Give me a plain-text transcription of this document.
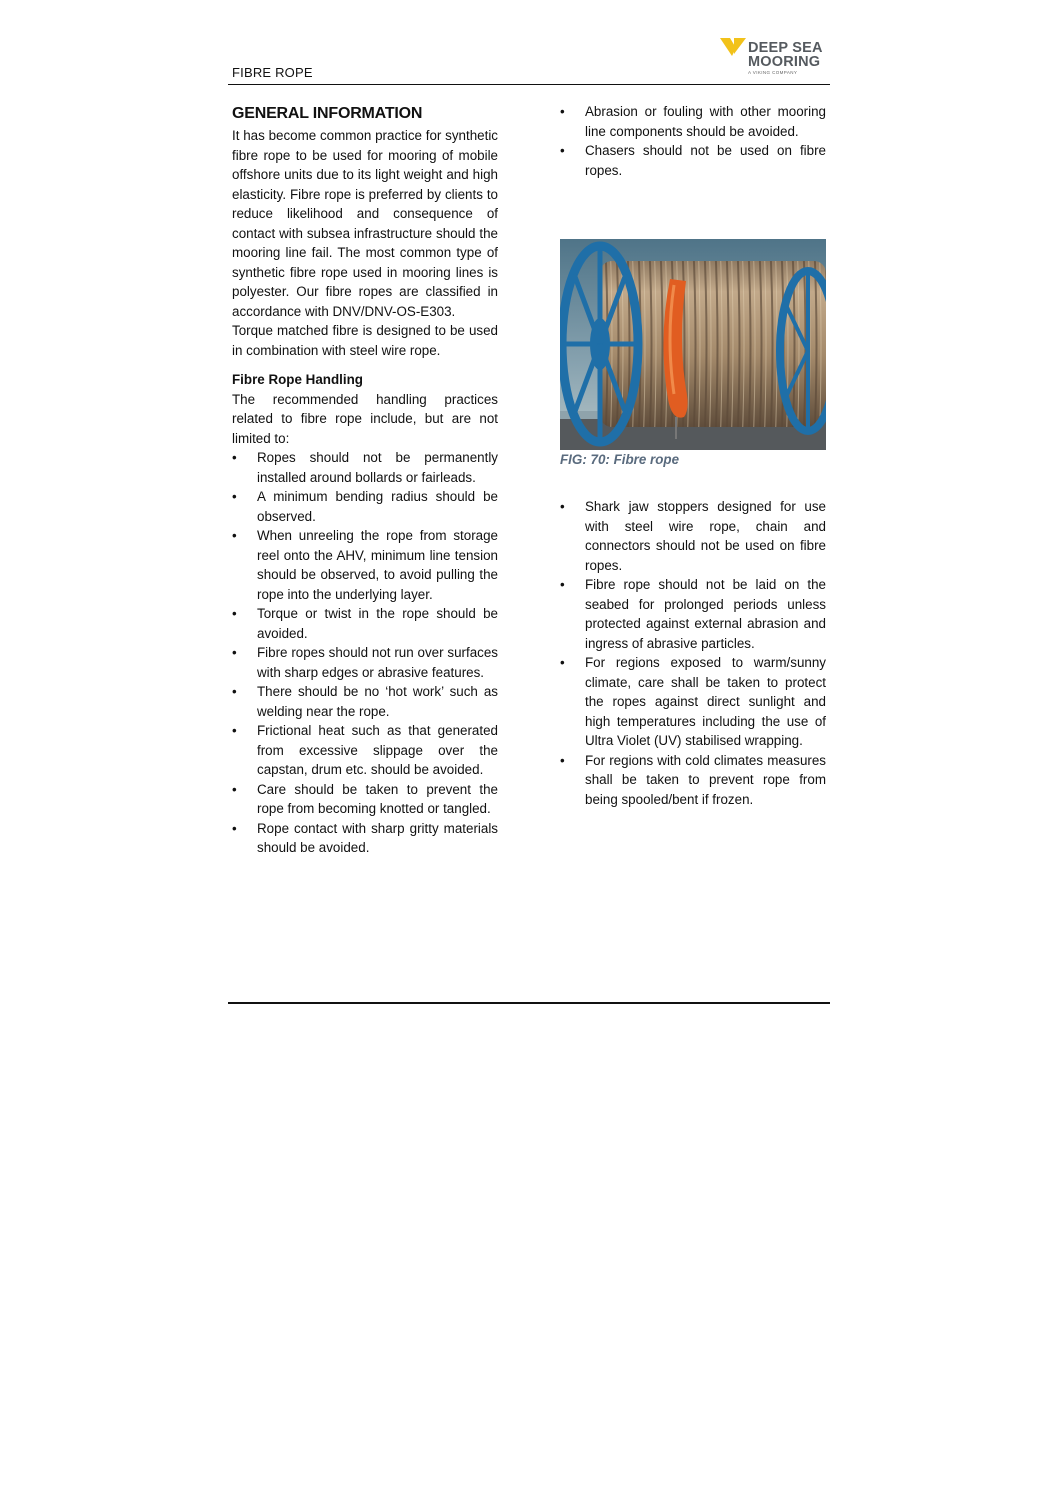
FIBRE ROPE
DEEP SEA
MOORING
A VIKING COMPANY
GENERAL INFORMATION

It has become common practice for synthetic fibre rope to be used for mooring of mobile offshore units due to its light weight and high elasticity. Fibre rope is preferred by clients to reduce likelihood and consequence of contact with subsea infrastructure should the mooring line fail. The most common type of synthetic fibre rope used in mooring lines is polyester. Our fibre ropes are classified in accordance with DNV/DNV-OS-E303.

Torque matched fibre is designed to be used in combination with steel wire rope.

Fibre Rope Handling

The recommended handling practices related to fibre rope include, but are not limited to:

•	Ropes should not be permanently installed around bollards or fairleads.
•	A minimum bending radius should be observed.
•	When unreeling the rope from storage reel onto the AHV, minimum line tension should be observed, to avoid pulling the rope into the underlying layer.
•	Torque or twist in the rope should be avoided.
•	Fibre ropes should not run over surfaces with sharp edges or abrasive features.
•	There should be no ‘hot work’ such as welding near the rope.
•	Frictional heat such as that generated from excessive slippage over the capstan, drum etc. should be avoided.
•	Care should be taken to prevent the rope from becoming knotted or tangled.
•	Rope contact with sharp gritty materials should be avoided.
•	Abrasion or fouling with other mooring line components should be avoided.
•	Chasers should not be used on fibre ropes.
FIG: 70: Fibre rope
•	Shark jaw stoppers designed for use with steel wire rope, chain and connectors should not be used on fibre ropes.
•	Fibre rope should not be laid on the seabed for prolonged periods unless protected against external abrasion and ingress of abrasive particles.
•	For regions exposed to warm/sunny climate, care shall be taken to protect the ropes against direct sunlight and high temperatures including the use of Ultra Violet (UV) stabilised wrapping.
•	For regions with cold climates measures shall be taken to prevent rope from being spooled/bent if frozen.
